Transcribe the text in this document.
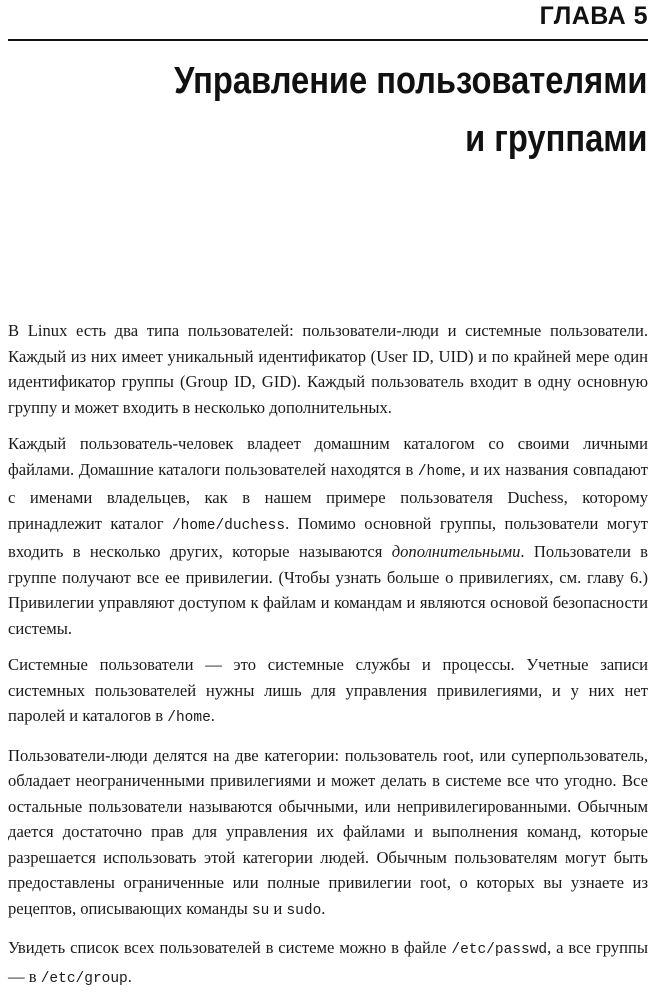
ГЛАВА 5
Управление пользователями
и группами

В Linux есть два типа пользователей: пользователи-люди и системные пользователи. Каждый из них имеет уникальный идентификатор (User ID, UID) и по крайней мере один идентификатор группы (Group ID, GID). Каждый пользователь входит в одну основную группу и может входить в несколько дополнительных.

Каждый пользователь-человек владеет домашним каталогом со своими личными файлами. Домашние каталоги пользователей находятся в /home, и их названия совпадают с именами владельцев, как в нашем примере пользователя Duchess, которому принадлежит каталог /home/duchess. Помимо основной группы, пользователи могут входить в несколько других, которые называются дополнительными. Пользователи в группе получают все ее привилегии. (Чтобы узнать больше о привилегиях, см. главу 6.) Привилегии управляют доступом к файлам и командам и являются основой безопасности системы.

Системные пользователи — это системные службы и процессы. Учетные записи системных пользователей нужны лишь для управления привилегиями, и у них нет паролей и каталогов в /home.

Пользователи-люди делятся на две категории: пользователь root, или суперпользователь, обладает неограниченными привилегиями и может делать в системе все что угодно. Все остальные пользователи называются обычными, или непривилегированными. Обычным дается достаточно прав для управления их файлами и выполнения команд, которые разрешается использовать этой категории людей. Обычным пользователям могут быть предоставлены ограниченные или полные привилегии root, о которых вы узнаете из рецептов, описывающих команды su и sudo.

Увидеть список всех пользователей в системе можно в файле /etc/passwd, а все группы — в /etc/group.
